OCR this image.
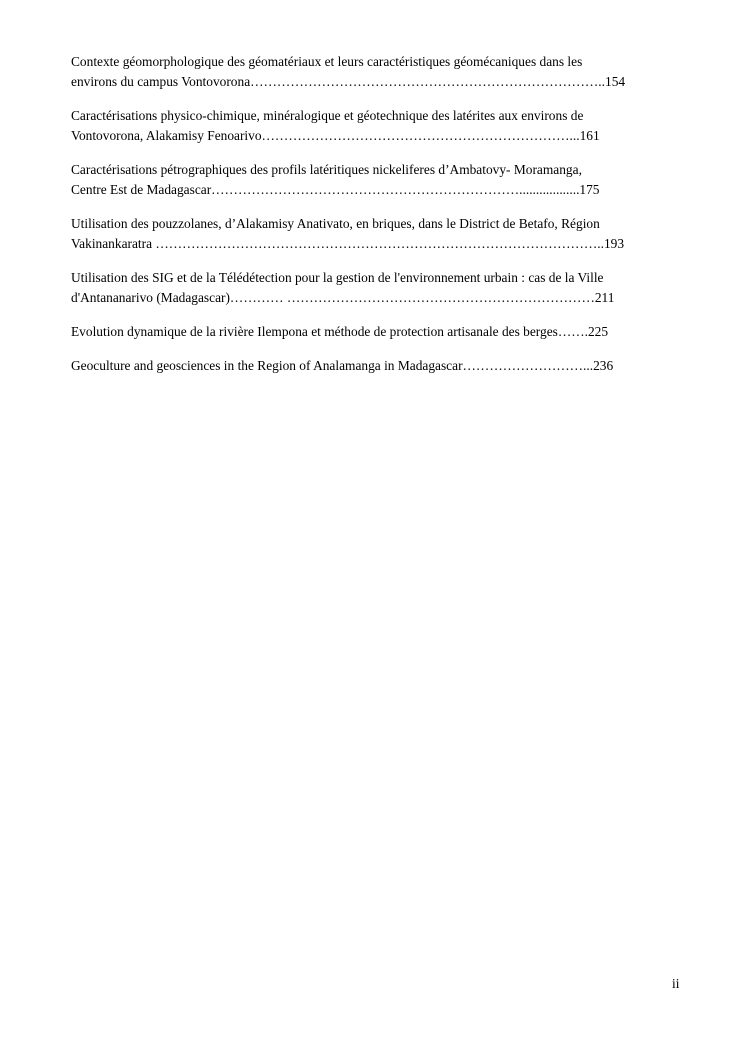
Contexte géomorphologique des géomatériaux et leurs caractéristiques géomécaniques dans les
environs du campus Vontovorona……………………………………………………………………..154
Caractérisations physico-chimique, minéralogique et géotechnique des latérites aux environs de
Vontovorona, Alakamisy Fenoarivo……………………………………………………………...161
Caractérisations pétrographiques des profils latéritiques nickeliferes d’Ambatovy- Moramanga,
Centre Est de Madagascar……………………………………………………………..................175
Utilisation des pouzzolanes, d’Alakamisy Anativato, en briques, dans le District de Betafo, Région
Vakinankaratra ………………………………………………………………………………………..193
Utilisation des SIG et de la Télédétection pour la gestion de l'environnement urbain : cas de la Ville
d'Antananarivo (Madagascar)………… ……………………………………………………………211
Evolution dynamique de la rivière Ilempona et méthode de protection artisanale des berges…….225
Geoculture and geosciences in the Region of Analamanga in Madagascar………………………...236
ii
